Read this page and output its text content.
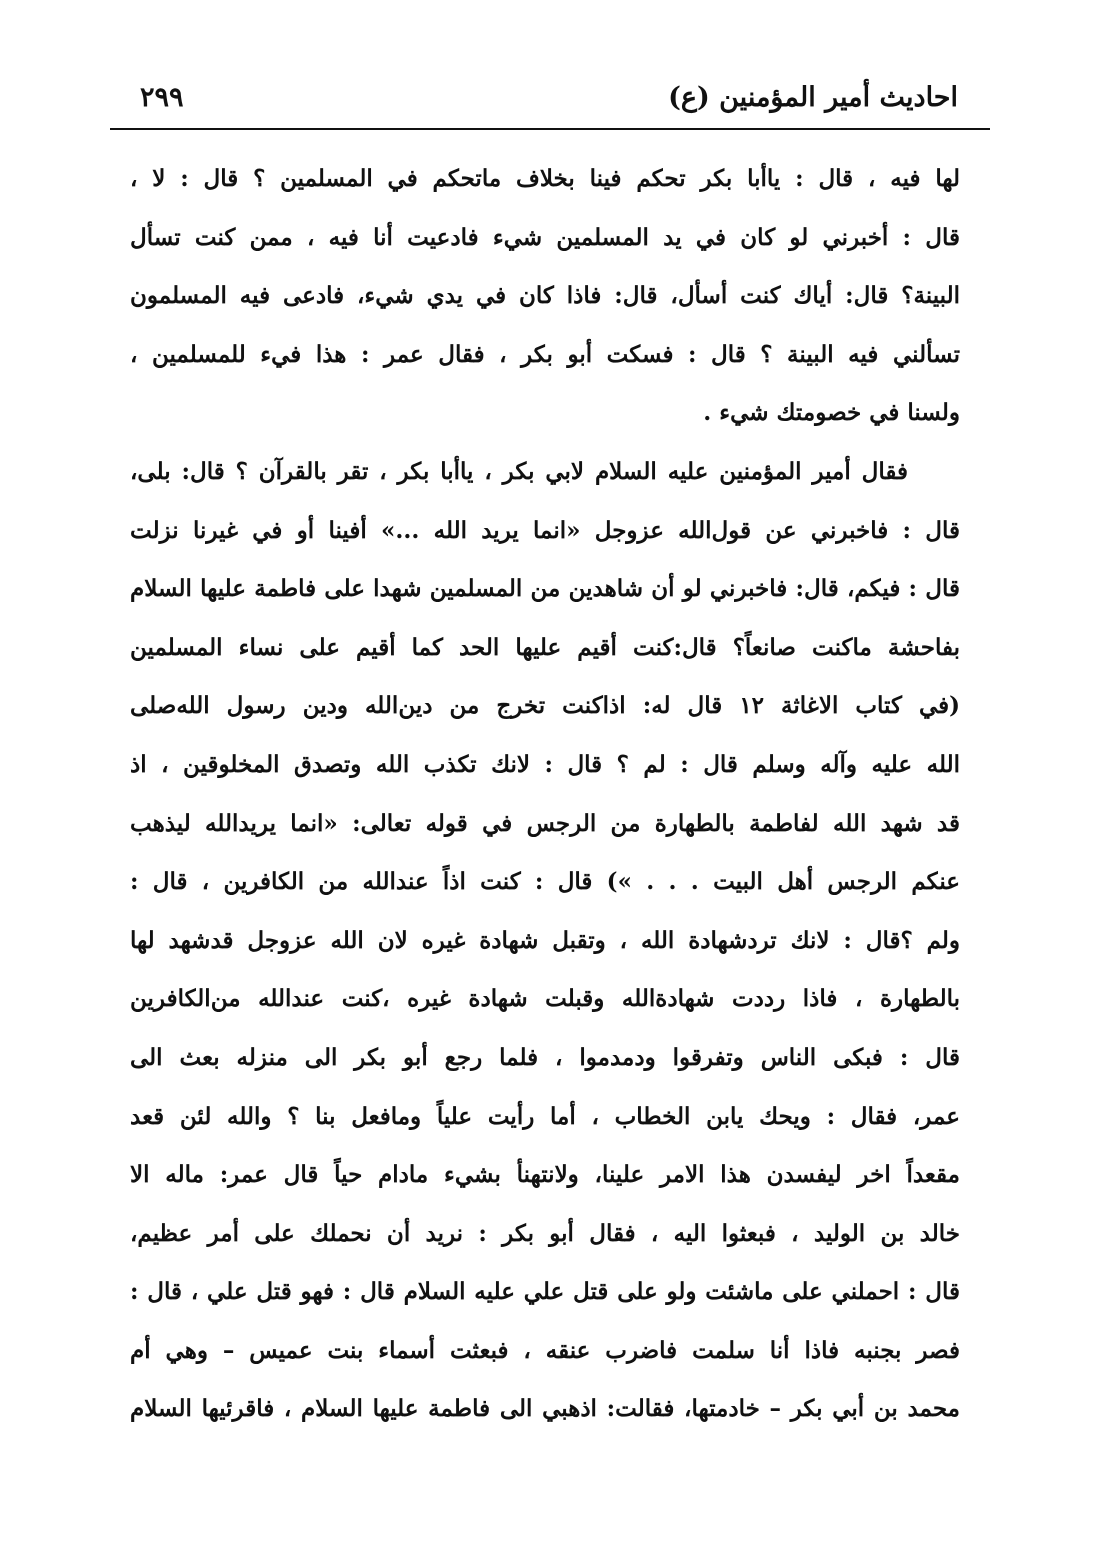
احاديث أمير المؤمنين (ع)
٢٩٩
لها فيه ، قال : ياأبا بكر تحكم فينا بخلاف ماتحكم في المسلمين ؟ قال : لا ،
قال : أخبرني لو كان في يد المسلمين شيء فادعيت أنا فيه ، ممن كنت تسأل
البينة؟ قال: أياك كنت أسأل، قال: فاذا كان في يدي شيء، فادعى فيه المسلمون
تسألني فيه البينة ؟ قال : فسكت أبو بكر ، فقال عمر : هذا فيء للمسلمين ،
ولسنا في خصومتك شيء .
فقال أمير المؤمنين عليه السلام لابي بكر ، ياأبا بكر ، تقر بالقرآن ؟ قال: بلى،
قال : فاخبرني عن قول‌الله عزوجل «انما يريد الله ...» أفينا أو في غيرنا نزلت
قال : فيكم، قال: فاخبرني لو أن شاهدين من المسلمين شهدا على فاطمة عليها السلام
بفاحشة ماكنت صانعاً؟ قال:كنت أقيم عليها الحد كما أقيم على نساء المسلمين
(في كتاب الاغاثة ١٢ قال له: اذاكنت تخرج من دين‌الله ودين رسول الله‌صلى
الله عليه وآله وسلم قال : لم ؟ قال : لانك تكذب الله وتصدق المخلوقين ، اذ
قد شهد الله لفاطمة بالطهارة من الرجس في قوله تعالى: «انما يريدالله ليذهب
عنكم الرجس أهل البيت . . . ») قال : كنت اذاً عندالله من الكافرين ، قال :
ولم ؟قال : لانك تردشهادة الله ، وتقبل شهادة غيره لان الله عزوجل قدشهد لها
بالطهارة ، فاذا رددت شهادةالله وقبلت شهادة غيره ،كنت عندالله من‌الكافرين
قال : فبكى الناس وتفرقوا ودمدموا ، فلما رجع أبو بكر الى منزله بعث الى
عمر، فقال : ويحك يابن الخطاب ، أما رأيت علياً ومافعل بنا ؟ والله لئن قعد
مقعداً اخر ليفسدن هذا الامر علينا، ولانتهنأ بشيء مادام حياً قال عمر: ماله الا
خالد بن الوليد ، فبعثوا اليه ، فقال أبو بكر : نريد أن نحملك على أمر عظيم،
قال : احملني على ماشئت ولو على قتل علي عليه السلام قال : فهو قتل علي ، قال :
فصر بجنبه فاذا أنا سلمت فاضرب عنقه ، فبعثت أسماء بنت عميس – وهي أم
محمد بن أبي بكر – خادمتها، فقالت: اذهبي الى فاطمة عليها السلام ، فاقرئيها السلام
